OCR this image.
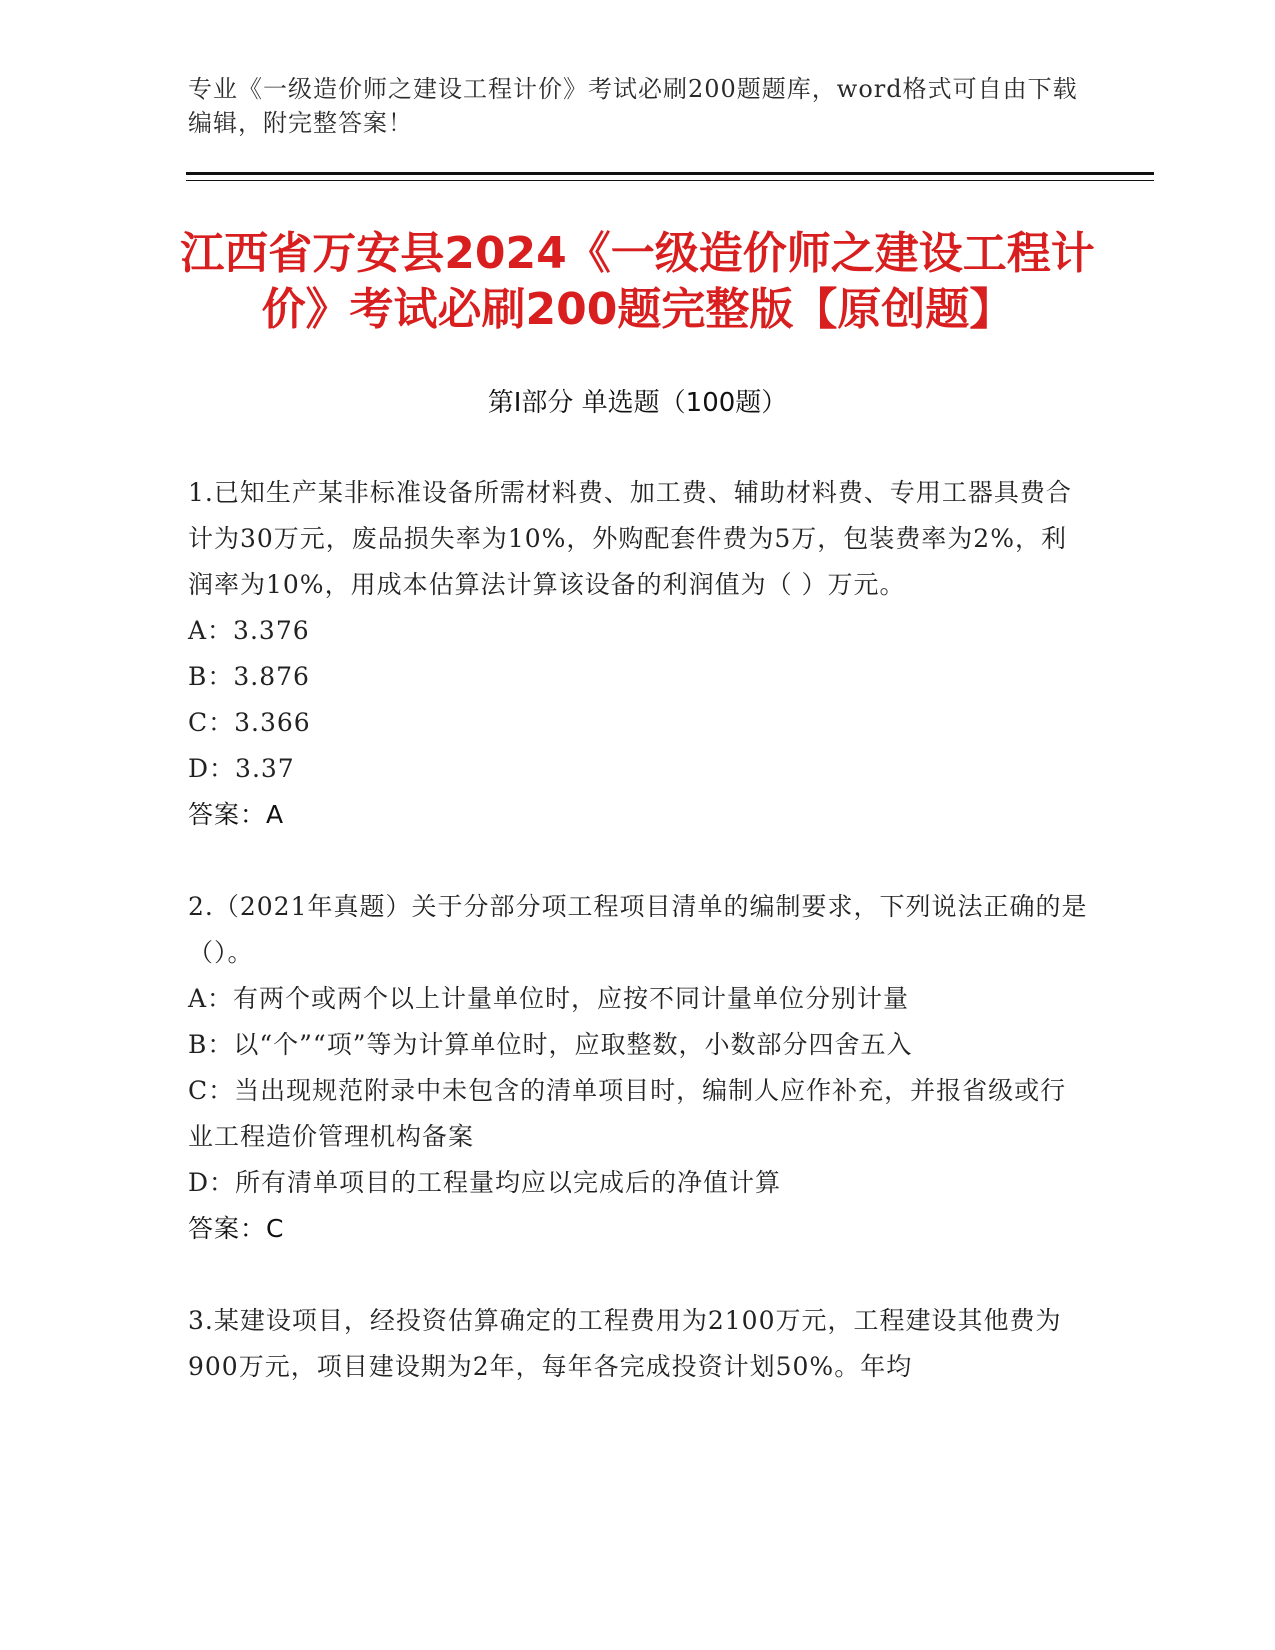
专业《一级造价师之建设工程计价》考试必刷200题题库，word格式可自由下载编辑，附完整答案！
江西省万安县2024《一级造价师之建设工程计价》考试必刷200题完整版【原创题】
第I部分 单选题（100题）

1.已知生产某非标准设备所需材料费、加工费、辅助材料费、专用工器具费合计为30万元，废品损失率为10%，外购配套件费为5万，包装费率为2%，利润率为10%，用成本估算法计算该设备的利润值为（ ）万元。

A：3.376

B：3.876

C：3.366

D：3.37

答案：A

2.（2021年真题）关于分部分项工程项目清单的编制要求，下列说法正确的是（）。

A：有两个或两个以上计量单位时，应按不同计量单位分别计量

B：以“个”“项”等为计算单位时，应取整数，小数部分四舍五入

C：当出现规范附录中未包含的清单项目时，编制人应作补充，并报省级或行业工程造价管理机构备案

D：所有清单项目的工程量均应以完成后的净值计算

答案：C

3.某建设项目，经投资估算确定的工程费用为2100万元，工程建设其他费为900万元，项目建设期为2年，每年各完成投资计划50%。年均
